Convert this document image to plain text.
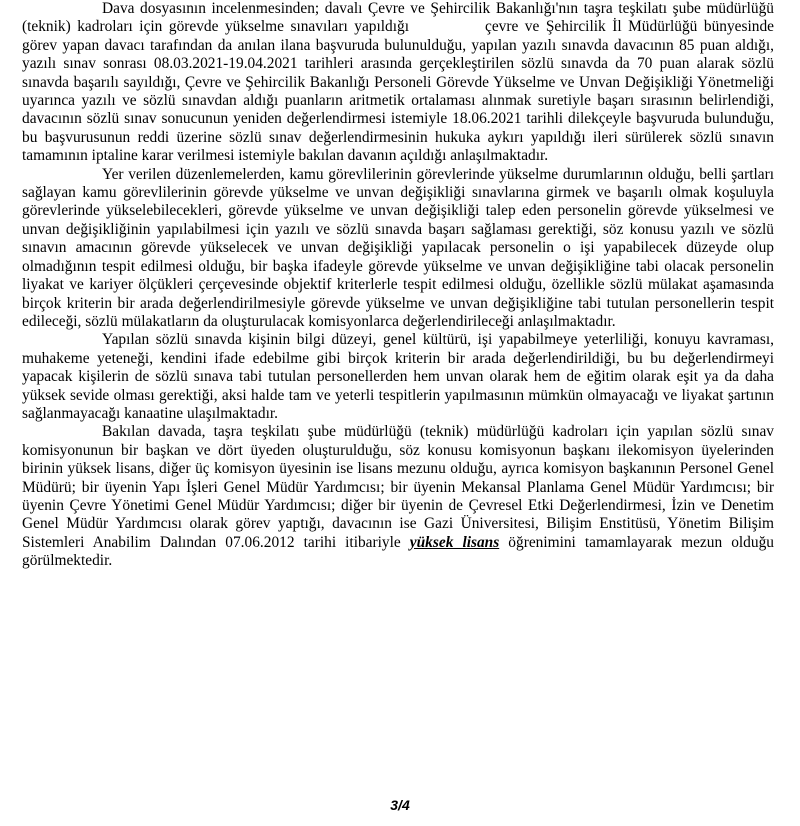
Dava dosyasının incelenmesinden; davalı Çevre ve Şehircilik Bakanlığı'nın taşra teşkilatı şube müdürlüğü (teknik) kadroları için görevde yükselme sınavıları yapıldığı	çevre ve Şehircilik İl Müdürlüğü bünyesinde görev yapan davacı tarafından da anılan ilana başvuruda bulunulduğu, yapılan yazılı sınavda davacının 85 puan aldığı, yazılı sınav sonrası 08.03.2021-19.04.2021 tarihleri arasında gerçekleştirilen sözlü sınavda da 70 puan alarak sözlü sınavda başarılı sayıldığı, Çevre ve Şehircilik Bakanlığı Personeli Görevde Yükselme ve Unvan Değişikliği Yönetmeliği uyarınca yazılı ve sözlü sınavdan aldığı puanların aritmetik ortalaması alınmak suretiyle başarı sırasının belirlendiği, davacının sözlü sınav sonucunun yeniden değerlendirmesi istemiyle 18.06.2021 tarihli dilekçeyle başvuruda bulunduğu, bu başvurusunun reddi üzerine sözlü sınav değerlendirmesinin hukuka aykırı yapıldığı ileri sürülerek sözlü sınavın tamamının iptaline karar verilmesi istemiyle bakılan davanın açıldığı anlaşılmaktadır.

Yer verilen düzenlemelerden, kamu görevlilerinin görevlerinde yükselme durumlarının olduğu, belli şartları sağlayan kamu görevlilerinin görevde yükselme ve unvan değişikliği sınavlarına girmek ve başarılı olmak koşuluyla görevlerinde yükselebilecekleri, görevde yükselme ve unvan değişikliği talep eden personelin görevde yükselmesi ve unvan değişikliğinin yapılabilmesi için yazılı ve sözlü sınavda başarı sağlaması gerektiği, söz konusu yazılı ve sözlü sınavın amacının görevde yükselecek ve unvan değişikliği yapılacak personelin o işi yapabilecek düzeyde olup olmadığının tespit edilmesi olduğu, bir başka ifadeyle görevde yükselme ve unvan değişikliğine tabi olacak personelin liyakat ve kariyer ölçükleri çerçevesinde objektif kriterlerle tespit edilmesi olduğu, özellikle sözlü mülakat aşamasında birçok kriterin bir arada değerlendirilmesiyle görevde yükselme ve unvan değişikliğine tabi tutulan personellerin tespit edileceği, sözlü mülakatların da oluşturulacak komisyonlarca değerlendirileceği anlaşılmaktadır.

Yapılan sözlü sınavda kişinin bilgi düzeyi, genel kültürü, işi yapabilmeye yeterliliği, konuyu kavraması, muhakeme yeteneği, kendini ifade edebilme gibi birçok kriterin bir arada değerlendirildiği, bu bu değerlendirmeyi yapacak kişilerin de sözlü sınava tabi tutulan personellerden hem unvan olarak hem de eğitim olarak eşit ya da daha yüksek sevide olması gerektiği, aksi halde tam ve yeterli tespitlerin yapılmasının mümkün olmayacağı ve liyakat şartının sağlanmayacağı kanaatine ulaşılmaktadır.

Bakılan davada, taşra teşkilatı şube müdürlüğü (teknik) müdürlüğü kadroları için yapılan sözlü sınav komisyonunun bir başkan ve dört üyeden oluşturulduğu, söz konusu komisyonun başkanı ilekomisyon üyelerinden birinin yüksek lisans, diğer üç komisyon üyesinin ise lisans mezunu olduğu, ayrıca komisyon başkanının Personel Genel Müdürü; bir üyenin Yapı İşleri Genel Müdür Yardımcısı; bir üyenin Mekansal Planlama Genel Müdür Yardımcısı; bir üyenin Çevre Yönetimi Genel Müdür Yardımcısı; diğer bir üyenin de Çevresel Etki Değerlendirmesi, İzin ve Denetim Genel Müdür Yardımcısı olarak görev yaptığı, davacının ise Gazi Üniversitesi, Bilişim Enstitüsü, Yönetim Bilişim Sistemleri Anabilim Dalından 07.06.2012 tarihi itibariyle yüksek lisans öğrenimini tamamlayarak mezun olduğu görülmektedir.

3/4
